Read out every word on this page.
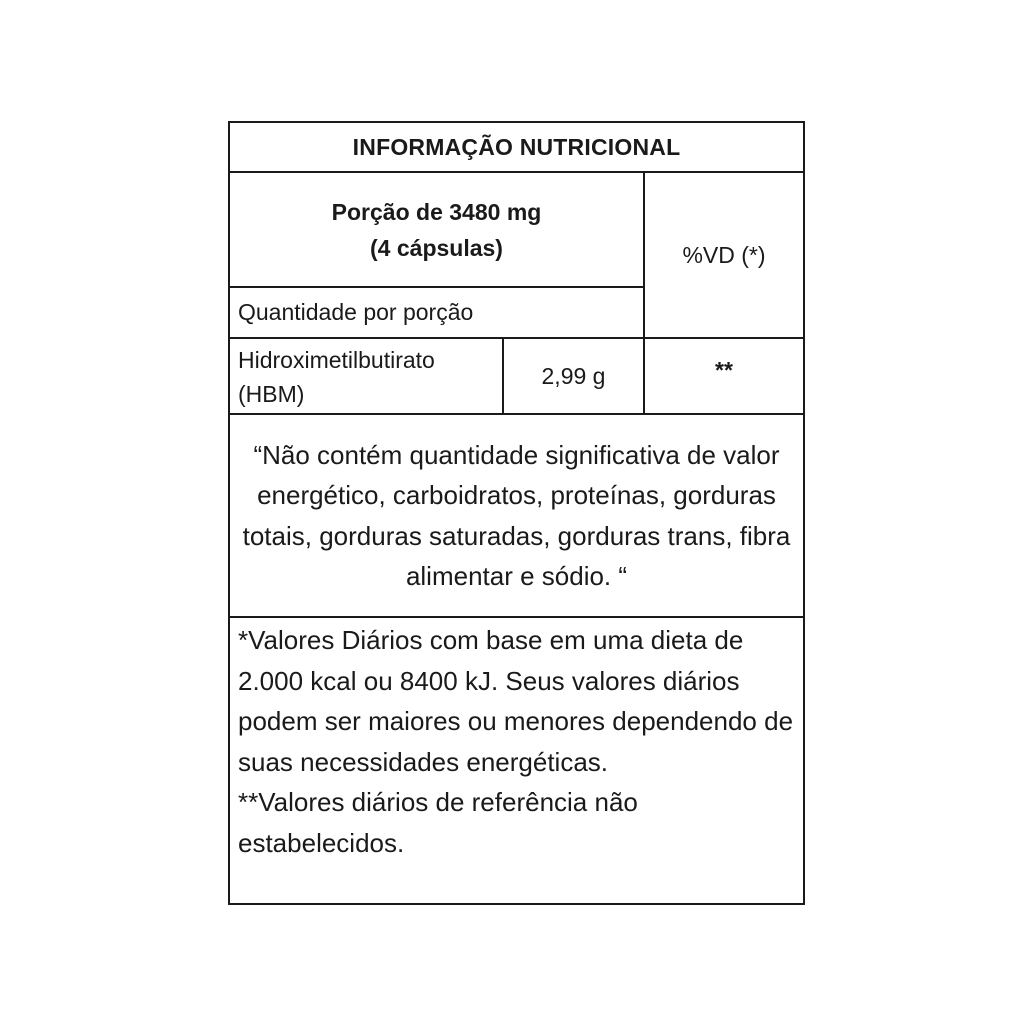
INFORMAÇÃO NUTRICIONAL
Porção de 3480 mg
(4 cápsulas)	%VD (*)
Quantidade por porção
Hidroximetilbutirato (HBM)
2,99 g	**
“Não contém quantidade significativa de valor energético, carboidratos, proteínas, gorduras totais, gorduras saturadas, gorduras trans, fibra alimentar e sódio. “

*Valores Diários com base em uma dieta de 2.000 kcal ou 8400 kJ. Seus valores diários podem ser maiores ou menores dependendo de suas necessidades energéticas.

**Valores diários de referência não estabelecidos.
